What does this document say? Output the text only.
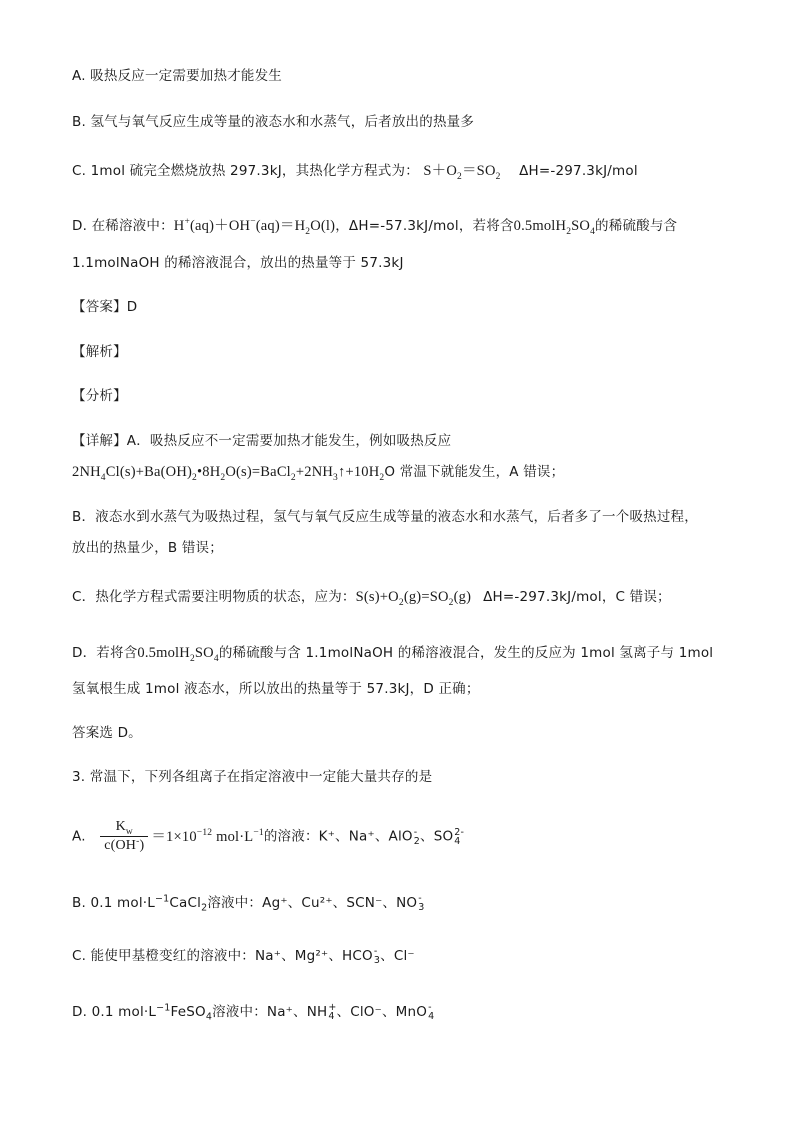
A. 吸热反应一定需要加热才能发生
B. 氢气与氧气反应生成等量的液态水和水蒸气，后者放出的热量多
C. 1mol 硫完全燃烧放热 297.3kJ，其热化学方程式为： $S+O_2=SO_2$ ΔH=-297.3kJ/mol
D. 在稀溶液中：$H^+(aq)+OH^-(aq)=H_2O(l)$，ΔH=-57.3kJ/mol，若将含$0.5molH_2SO_4$的稀硫酸与含
1.1molNaOH 的稀溶液混合，放出的热量等于 57.3kJ
【答案】D
【解析】
【分析】
【详解】A．吸热反应不一定需要加热才能发生，例如吸热反应
$2NH_4Cl(s)+Ba(OH)_2•8H_2O(s)=BaCl_2+2NH_3↑+10H_2O$ 常温下就能发生，A 错误；
B．液态水到水蒸气为吸热过程，氢气与氧气反应生成等量的液态水和水蒸气，后者多了一个吸热过程，
放出的热量少，B 错误；
C．热化学方程式需要注明物质的状态，应为：$S(s)+O_2(g)=SO_2(g)$ ΔH=-297.3kJ/mol，C 错误；
D．若将含$0.5molH_2SO_4$的稀硫酸与含 1.1molNaOH 的稀溶液混合，发生的反应为 1mol 氢离子与 1mol
氢氧根生成 1mol 液态水，所以放出的热量等于 57.3kJ，D 正确；
答案选 D。
3. 常温下，下列各组离子在指定溶液中一定能大量共存的是
A. $\frac{K_w}{c(OH^-)} =1\times 10^{-12}$ $mol\cdot L^{-1}$的溶液：K⁺、Na⁺、AlO -
2 、SO 2-
4
B. 0.1 $mol\cdot L^{-1}CaCl_2$溶液中：Ag⁺、Cu²⁺、SCN⁻、NO -
3
C. 能使甲基橙变红的溶液中：Na⁺、Mg²⁺、HCO -
3 、Cl⁻
D. 0.1 $mol\cdot L^{-1}FeSO_4$溶液中：Na⁺、NH +
4 、ClO⁻、MnO -
4
